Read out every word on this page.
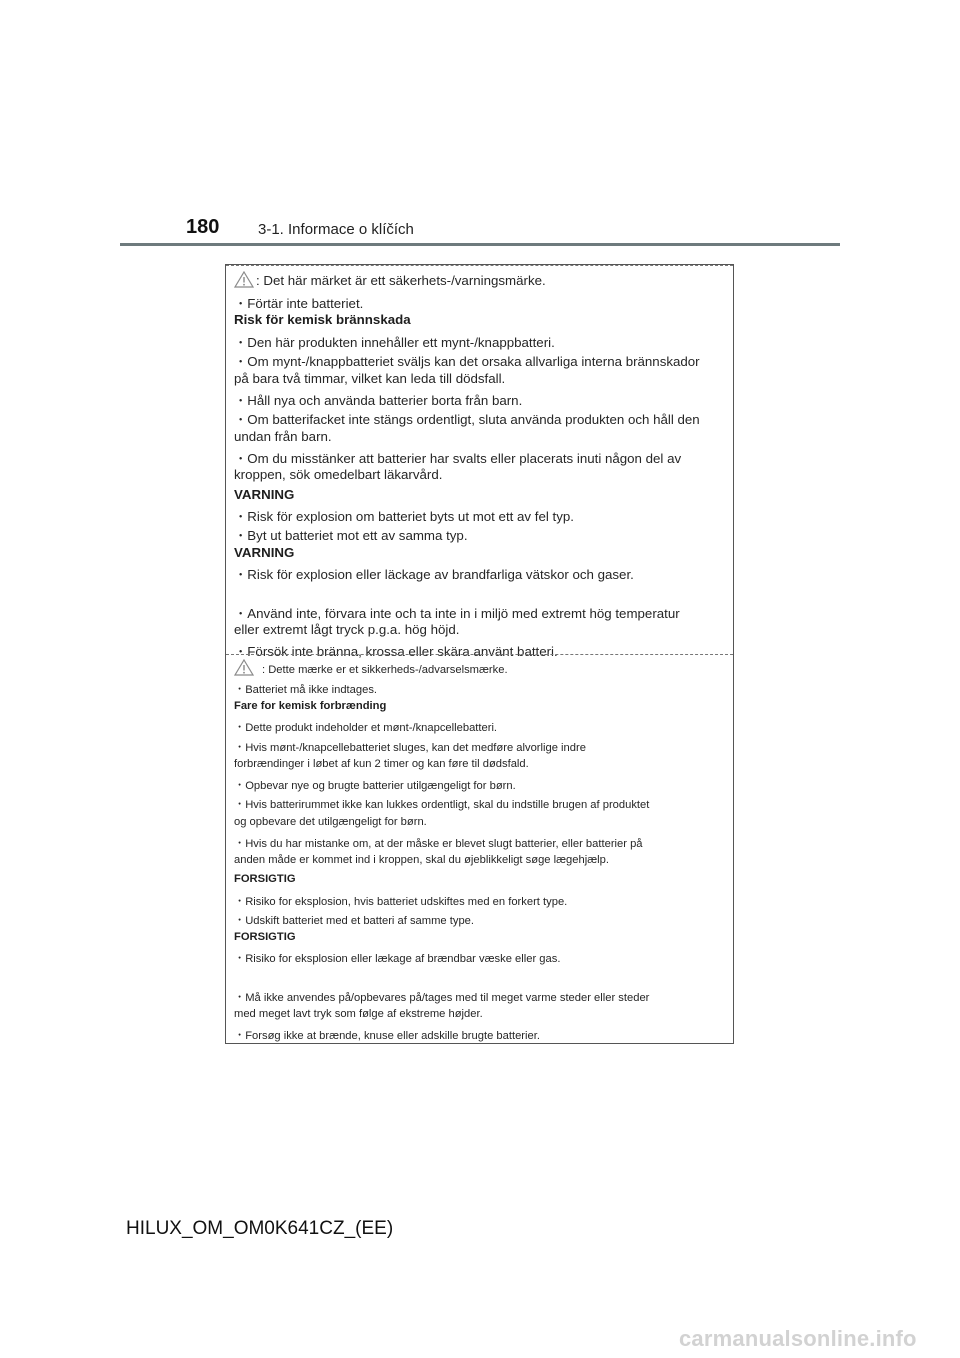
180	3-1. Informace o klíčích
: Det här märket är ett säkerhets-/varningsmärke.
・Förtär inte batteriet.
Risk för kemisk brännskada
・Den här produkten innehåller ett mynt-/knappbatteri.
・Om mynt-/knappbatteriet sväljs kan det orsaka allvarliga interna brännskador
på bara två timmar, vilket kan leda till dödsfall.
・Håll nya och använda batterier borta från barn.
・Om batterifacket inte stängs ordentligt, sluta använda produkten och håll den
undan från barn.
・Om du misstänker att batterier har svalts eller placerats inuti någon del av
kroppen, sök omedelbart läkarvård.
VARNING
・Risk för explosion om batteriet byts ut mot ett av fel typ.
・Byt ut batteriet mot ett av samma typ.
VARNING
・Risk för explosion eller läckage av brandfarliga vätskor och gaser.
・Använd inte, förvara inte och ta inte in i miljö med extremt hög temperatur
eller extremt lågt tryck p.g.a. hög höjd.
・Försök inte bränna, krossa eller skära använt batteri.
: Dette mærke er et sikkerheds-/advarselsmærke.
・Batteriet må ikke indtages.
Fare for kemisk forbrænding
・Dette produkt indeholder et mønt-/knapcellebatteri.
・Hvis mønt-/knapcellebatteriet sluges, kan det medføre alvorlige indre
forbrændinger i løbet af kun 2 timer og kan føre til dødsfald.
・Opbevar nye og brugte batterier utilgængeligt for børn.
・Hvis batterirummet ikke kan lukkes ordentligt, skal du indstille brugen af produktet
og opbevare det utilgængeligt for børn.
・Hvis du har mistanke om, at der måske er blevet slugt batterier, eller batterier på
anden måde er kommet ind i kroppen, skal du øjeblikkeligt søge lægehjælp.
FORSIGTIG
・Risiko for eksplosion, hvis batteriet udskiftes med en forkert type.
・Udskift batteriet med et batteri af samme type.
FORSIGTIG
・Risiko for eksplosion eller lækage af brændbar væske eller gas.
・Må ikke anvendes på/opbevares på/tages med til meget varme steder eller steder
med meget lavt tryk som følge af ekstreme højder.
・Forsøg ikke at brænde, knuse eller adskille brugte batterier.
HILUX_OM_OM0K641CZ_(EE)
carmanualsonline.info
